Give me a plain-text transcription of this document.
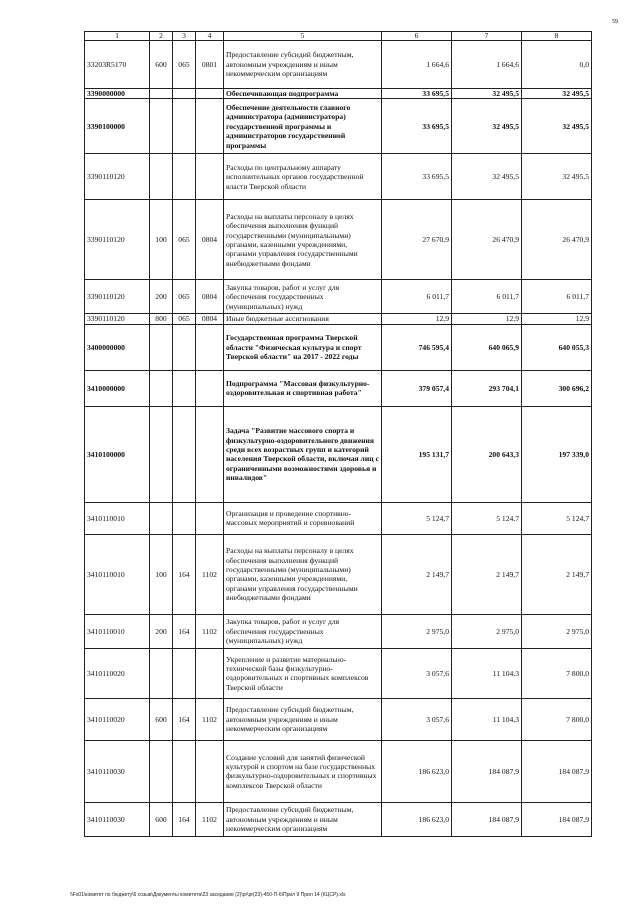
59
1	2	3	4	5	6	7	8
33203R5170	600	065	0801	Предоставление субсидий бюджетным, автономным учреждениям и иным некоммерческим организациям	1 664,6	1 664,6	0,0
3390000000				Обеспечивающая подпрограмма	33 695,5	32 495,5	32 495,5
3390100000				Обеспечение деятельности главного администратора (администратора) государственной программы и администраторов государственной программы	33 695,5	32 495,5	32 495,5
3390110120				Расходы по центральному аппарату исполнительных органов государственной власти Тверской области	33 695,5	32 495,5	32 495,5
3390110120	100	065	0804	Расходы на выплаты персоналу в целях обеспечения выполнения функций государственными (муниципальными) органами, казенными учреждениями, органами управления государственными внебюджетными фондами	27 670,9	26 470,9	26 470,9
3390110120	200	065	0804	Закупка товаров, работ и услуг для обеспечения государственных (муниципальных) нужд	6 011,7	6 011,7	6 011,7
3390110120	800	065	0804	Иные бюджетные ассигнования	12,9	12,9	12,9
3400000000				Государственная программа Тверской области "Физическая культура и спорт Тверской области" на 2017 - 2022 годы	746 595,4	640 065,9	640 055,3
3410000000				Подпрограмма "Массовая физкультурно-оздоровительная и спортивная работа"	379 057,4	293 704,1	300 696,2
3410100000				Задача "Развитие массового спорта и физкультурно-оздоровительного движения среди всех возрастных групп и категорий населения Тверской области, включая лиц с ограниченными возможностями здоровья и инвалидов"	195 131,7	200 643,3	197 339,0
3410110010				Организация и проведение спортивно-массовых мероприятий и соревнований	5 124,7	5 124,7	5 124,7
3410110010	100	164	1102	Расходы на выплаты персоналу в целях обеспечения выполнения функций государственными (муниципальными) органами, казенными учреждениями, органами управления государственными внебюджетными фондами	2 149,7	2 149,7	2 149,7
3410110010	200	164	1102	Закупка товаров, работ и услуг для обеспечения государственных (муниципальных) нужд	2 975,0	2 975,0	2 975,0
3410110020				Укрепление и развитие материально-технической базы физкультурно-оздоровительных и спортивных комплексов Тверской области	3 057,6	11 104,3	7 800,0
3410110020	600	164	1102	Предоставление субсидий бюджетным, автономным учреждениям и иным некоммерческим организациям	3 057,6	11 104,3	7 800,0
3410110030				Создание условий для занятий физической культурой и спортом на базе государственных физкультурно-оздоровительных и спортивных комплексов Тверской области	186 623,0	184 087,9	184 087,9
3410110030	600	164	1102	Предоставление субсидий бюджетным, автономным учреждениям и иным некоммерческим организациям	186 623,0	184 087,9	184 087,9
\\Fs01\комитет по бюджету\6 созыв\Документы комитета\23 заседание (2)\pr\pr(23)-450-П-6\Прил 9 Прил 14 (КЦСР).xls
